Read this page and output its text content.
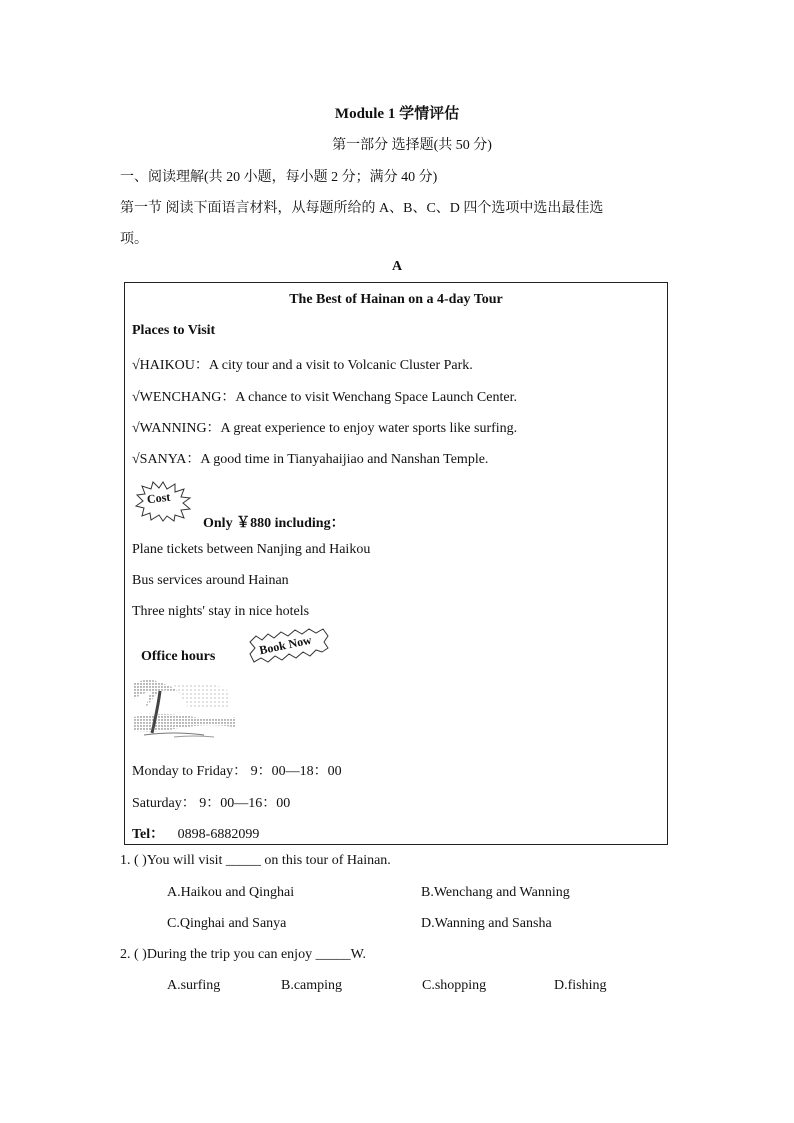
Module 1 学情评估
第一部分 选择题(共 50 分)
一、阅读理解(共 20 小题，每小题 2 分；满分 40 分)
第一节 阅读下面语言材料，从每题所给的 A、B、C、D 四个选项中选出最佳选
项。
A
The Best of Hainan on a 4-day Tour
Places to Visit
√HAIKOU：A city tour and a visit to Volcanic Cluster Park.
√WENCHANG：A chance to visit Wenchang Space Launch Center.
√WANNING：A great experience to enjoy water sports like surfing.
√SANYA：A good time in Tianyahaijiao and Nanshan Temple.
Cost
Only ￥880 including：
Plane tickets between Nanjing and Haikou
Bus services around Hainan
Three nights' stay in nice hotels
Office hours	Book Now
Monday to Friday： 9：00—18：00
Saturday： 9：00—16：00
Tel： 0898-6882099
1. ( )You will visit _____ on this tour of Hainan.
A.Haikou and Qinghai	B.Wenchang and Wanning
C.Qinghai and Sanya	D.Wanning and Sansha
2. ( )During the trip you can enjoy _____W.
A.surfing	B.camping	C.shopping	D.fishing
